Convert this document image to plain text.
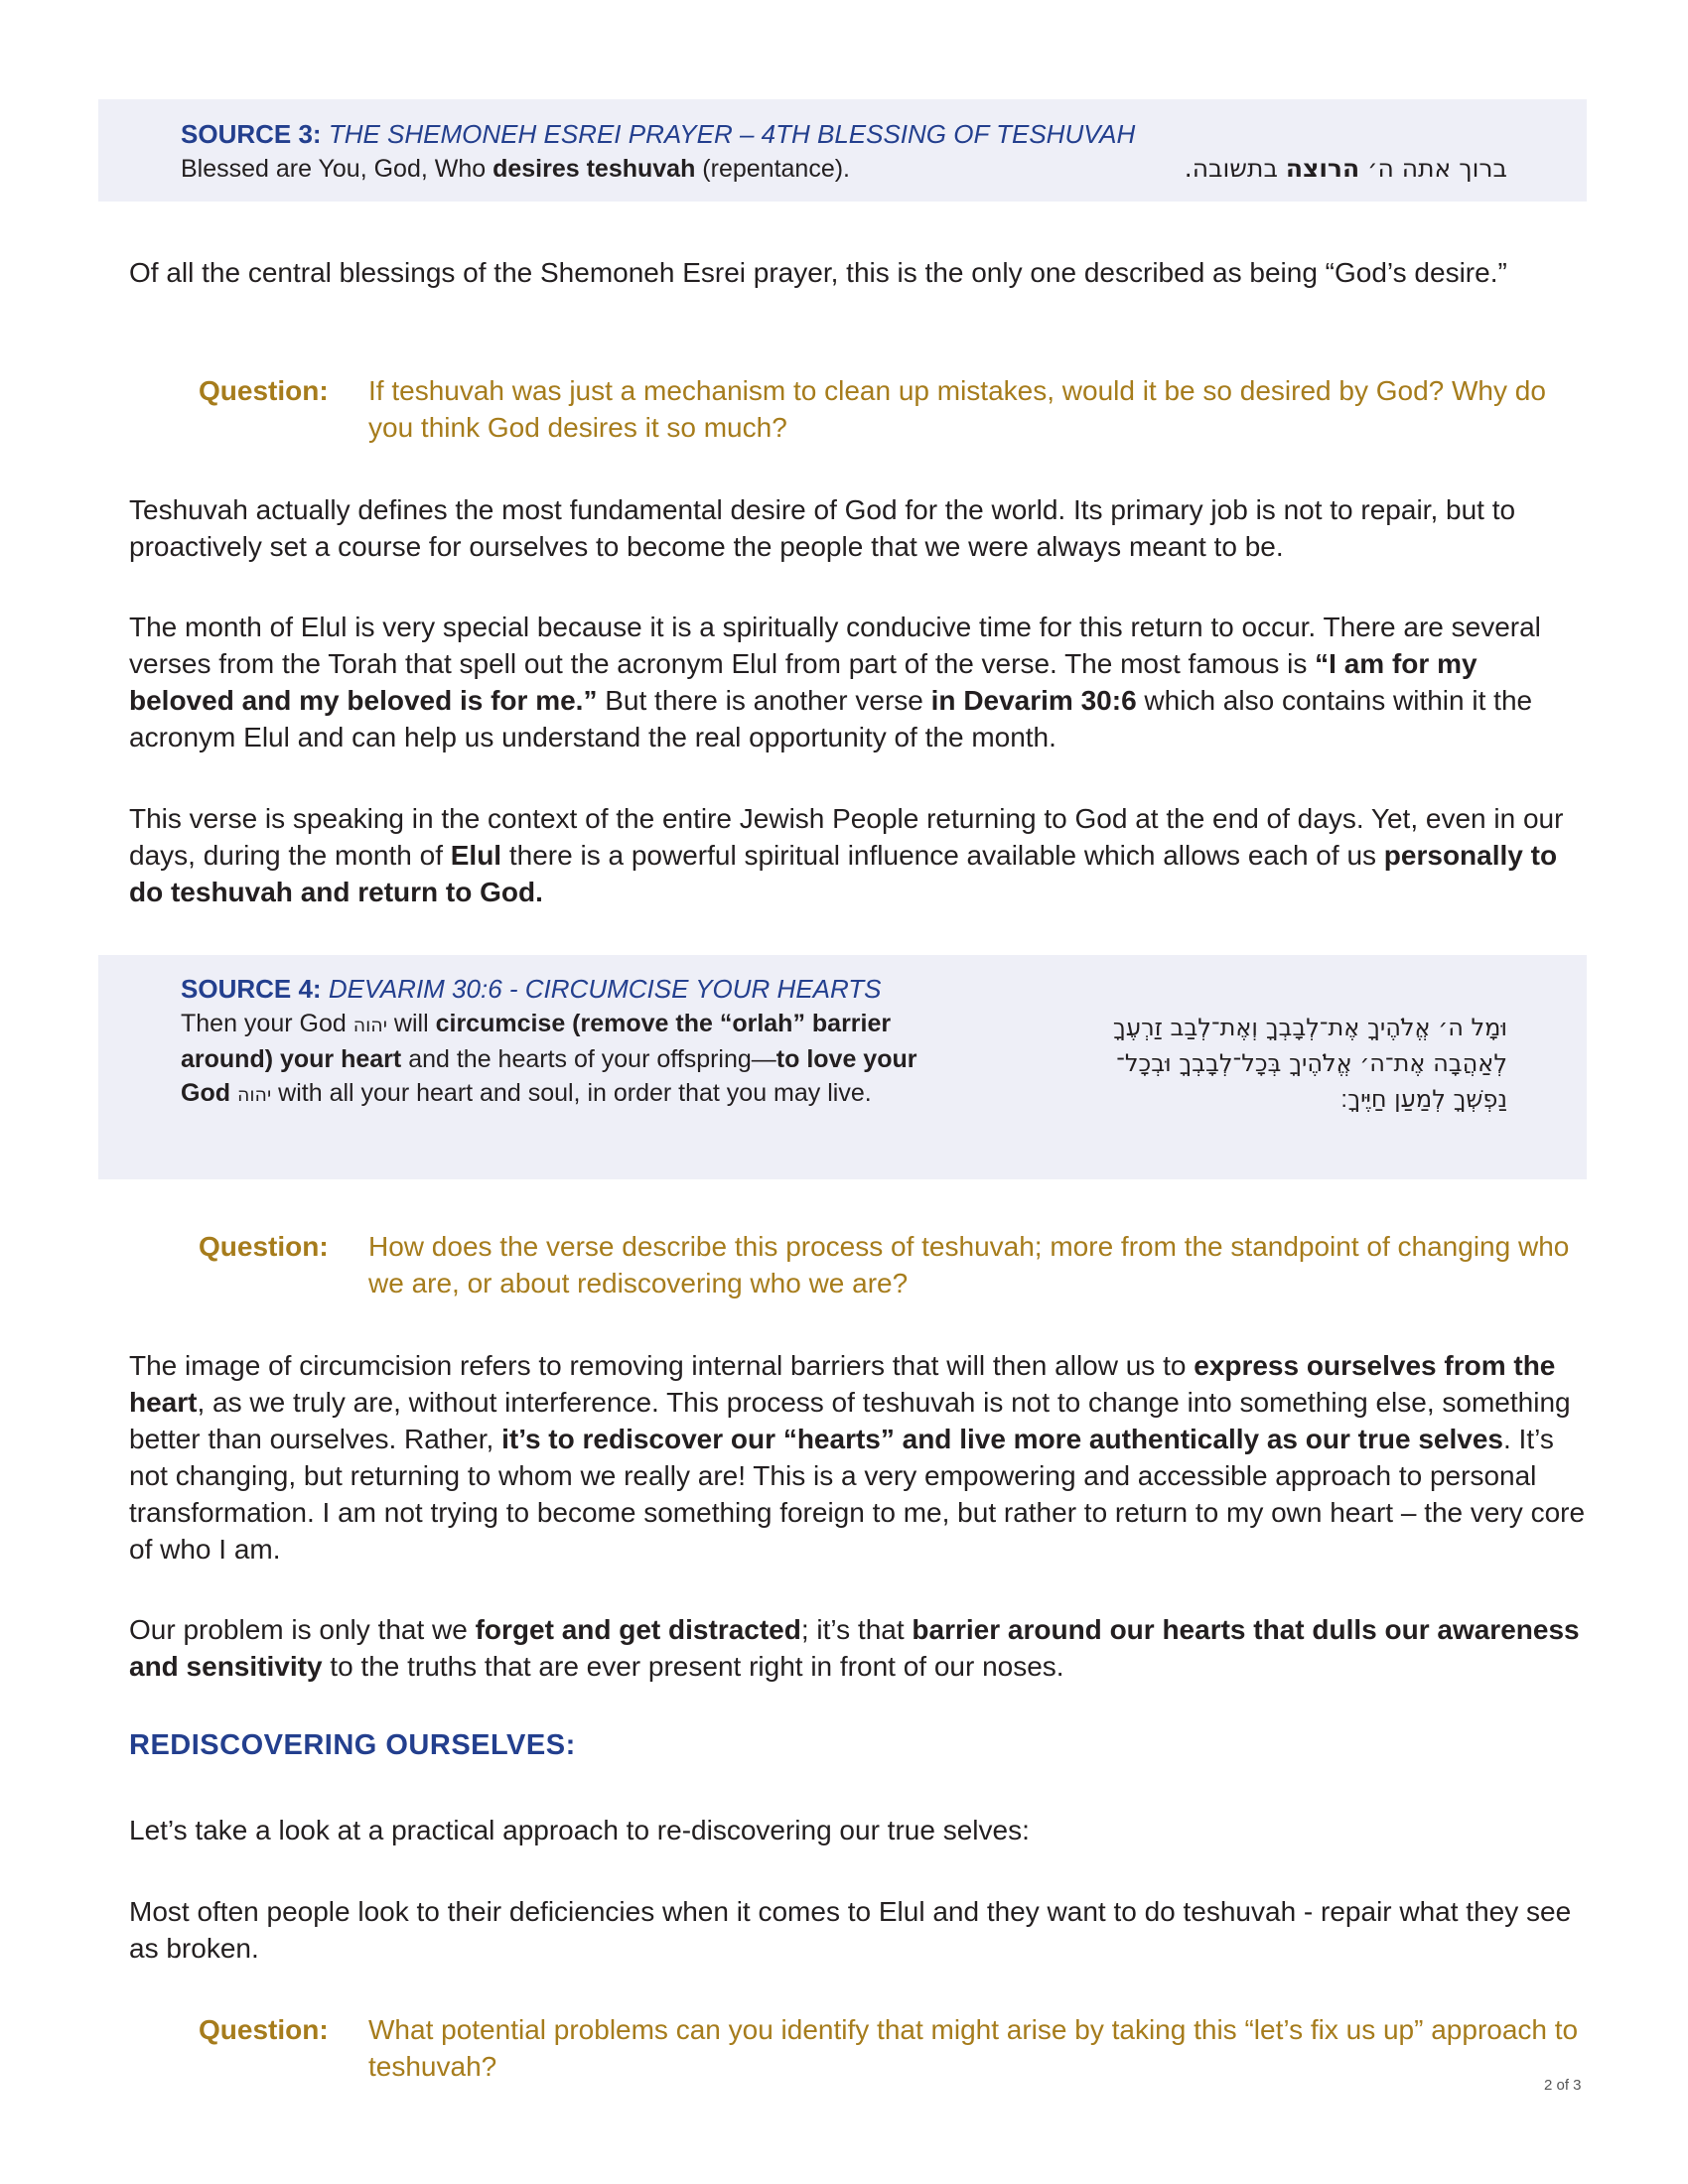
SOURCE 3: THE SHEMONEH ESREI PRAYER – 4TH BLESSING OF TESHUVAH
Blessed are You, God, Who desires teshuvah (repentance).	ברוך אתה ה׳ הרוצה בתשובה.
Of all the central blessings of the Shemoneh Esrei prayer, this is the only one described as being “God’s desire.”
Question: If teshuvah was just a mechanism to clean up mistakes, would it be so desired by God? Why do you think God desires it so much?
Teshuvah actually defines the most fundamental desire of God for the world. Its primary job is not to repair, but to proactively set a course for ourselves to become the people that we were always meant to be.
The month of Elul is very special because it is a spiritually conducive time for this return to occur. There are several verses from the Torah that spell out the acronym Elul from part of the verse. The most famous is “I am for my beloved and my beloved is for me.” But there is another verse in Devarim 30:6 which also contains within it the acronym Elul and can help us understand the real opportunity of the month.
This verse is speaking in the context of the entire Jewish People returning to God at the end of days. Yet, even in our days, during the month of Elul there is a powerful spiritual influence available which allows each of us personally to do teshuvah and return to God.
SOURCE 4: DEVARIM 30:6 - CIRCUMCISE YOUR HEARTS
Then your God יהוה will circumcise (remove the “orlah” barrier around) your heart and the hearts of your offspring—to love your God יהוה with all your heart and soul, in order that you may live.
וּמָל ה׳ אֱלֹהֶיךָ אֶת־לְבָבְךָ וְאֶת־לְבַב זַרְעֶךָ
לְאַהֲבָה אֶת־ה׳ אֱלֹהֶיךָ בְּכָל־לְבָבְךָ וּבְכָל־
נַפְשְׁךָ לְמַעַן חַיֶּיךָ׃
Question: How does the verse describe this process of teshuvah; more from the standpoint of changing who we are, or about rediscovering who we are?
The image of circumcision refers to removing internal barriers that will then allow us to express ourselves from the heart, as we truly are, without interference. This process of teshuvah is not to change into something else, something better than ourselves. Rather, it’s to rediscover our “hearts” and live more authentically as our true selves. It’s not changing, but returning to whom we really are! This is a very empowering and accessible approach to personal transformation. I am not trying to become something foreign to me, but rather to return to my own heart – the very core of who I am.
Our problem is only that we forget and get distracted; it’s that barrier around our hearts that dulls our awareness and sensitivity to the truths that are ever present right in front of our noses.
REDISCOVERING OURSELVES:
Let’s take a look at a practical approach to re-discovering our true selves:
Most often people look to their deficiencies when it comes to Elul and they want to do teshuvah - repair what they see as broken.
Question: What potential problems can you identify that might arise by taking this “let’s fix us up” approach to teshuvah?
2 of 3
